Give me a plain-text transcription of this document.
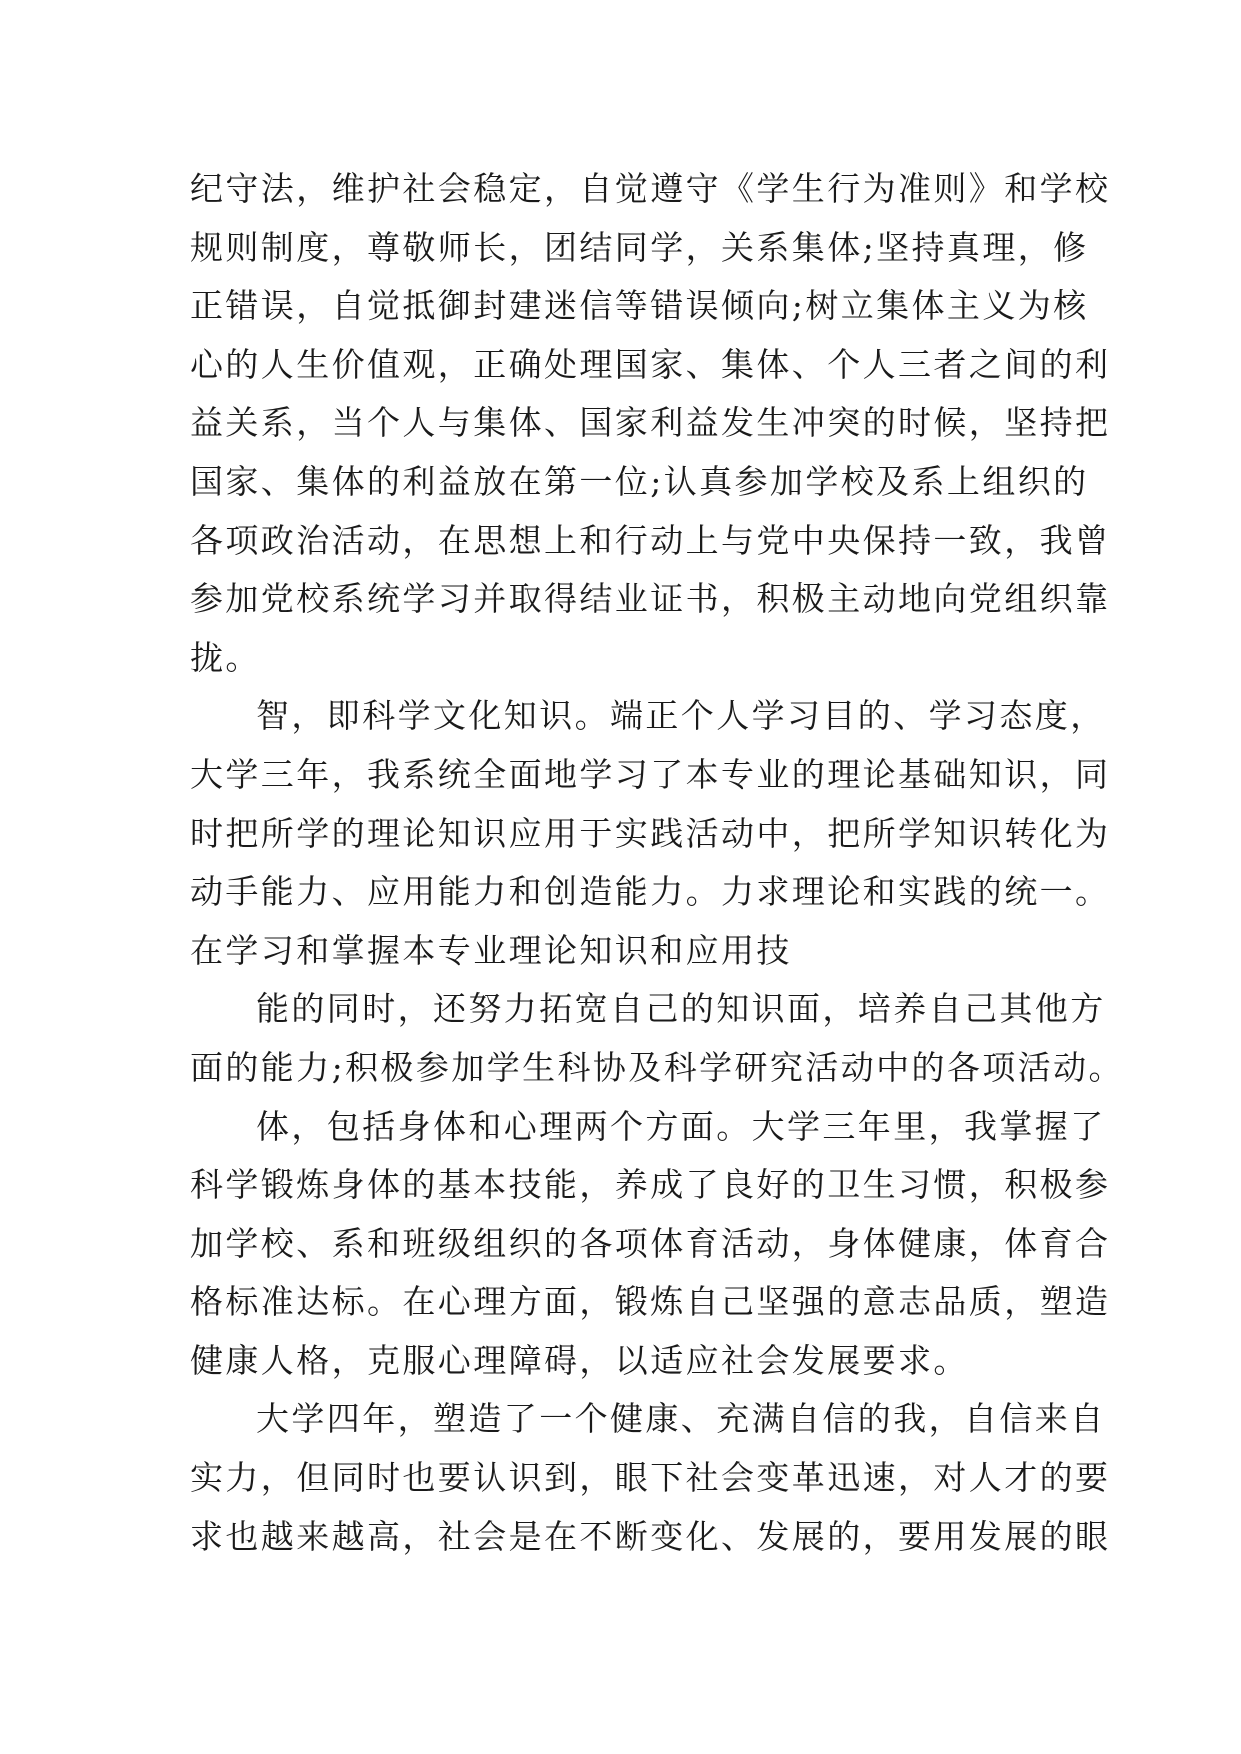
纪守法，维护社会稳定，自觉遵守《学生行为准则》和学校
规则制度，尊敬师长，团结同学，关系集体;坚持真理，修
正错误，自觉抵御封建迷信等错误倾向;树立集体主义为核
心的人生价值观，正确处理国家、集体、个人三者之间的利
益关系，当个人与集体、国家利益发生冲突的时候，坚持把
国家、集体的利益放在第一位;认真参加学校及系上组织的
各项政治活动，在思想上和行动上与党中央保持一致，我曾
参加党校系统学习并取得结业证书，积极主动地向党组织靠
拢。
智，即科学文化知识。端正个人学习目的、学习态度，
大学三年，我系统全面地学习了本专业的理论基础知识，同
时把所学的理论知识应用于实践活动中，把所学知识转化为
动手能力、应用能力和创造能力。力求理论和实践的统一。
在学习和掌握本专业理论知识和应用技
能的同时，还努力拓宽自己的知识面，培养自己其他方
面的能力;积极参加学生科协及科学研究活动中的各项活动。
体，包括身体和心理两个方面。大学三年里，我掌握了
科学锻炼身体的基本技能，养成了良好的卫生习惯，积极参
加学校、系和班级组织的各项体育活动，身体健康，体育合
格标准达标。在心理方面，锻炼自己坚强的意志品质，塑造
健康人格，克服心理障碍，以适应社会发展要求。
大学四年，塑造了一个健康、充满自信的我，自信来自
实力，但同时也要认识到，眼下社会变革迅速，对人才的要
求也越来越高，社会是在不断变化、发展的，要用发展的眼
